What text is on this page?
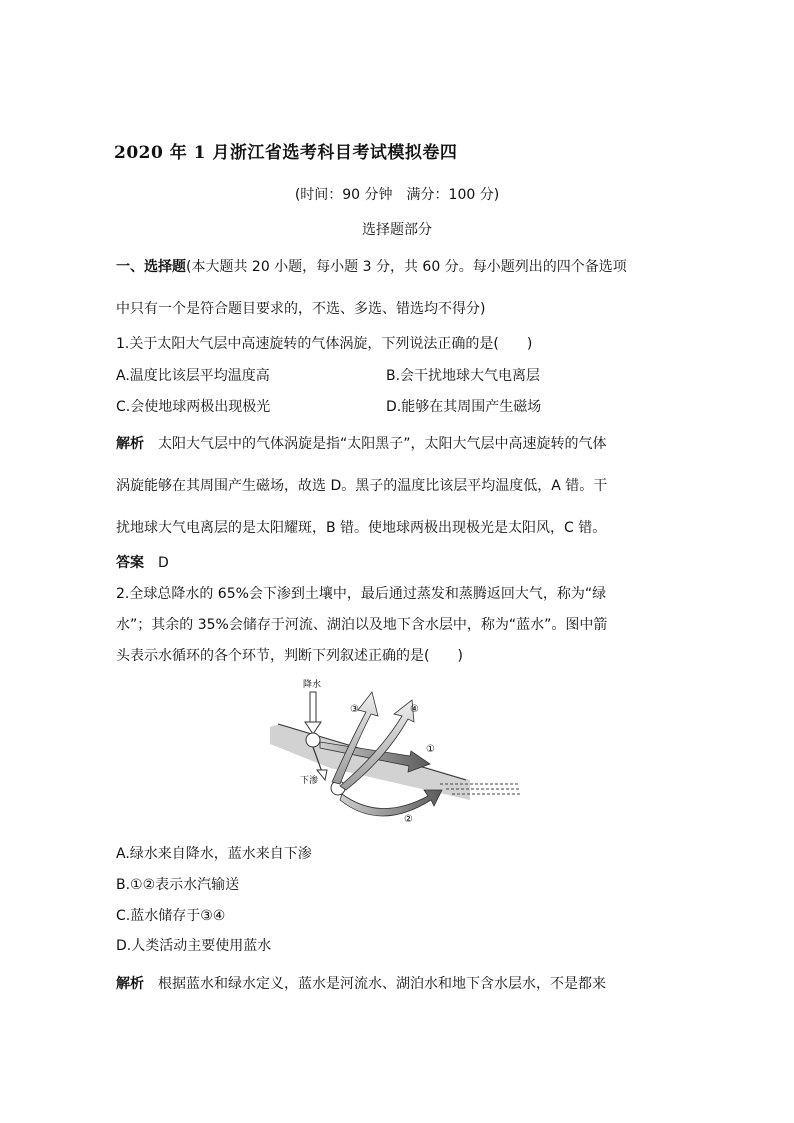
2020 年 1 月浙江省选考科目考试模拟卷四
(时间：90 分钟　满分：100 分)
选择题部分
一、选择题(本大题共 20 小题，每小题 3 分，共 60 分。每小题列出的四个备选项
中只有一个是符合题目要求的，不选、多选、错选均不得分)
1.关于太阳大气层中高速旋转的气体涡旋，下列说法正确的是(　　)
A.温度比该层平均温度高	B.会干扰地球大气电离层
C.会使地球两极出现极光	D.能够在其周围产生磁场
解析 太阳大气层中的气体涡旋是指“太阳黑子”，太阳大气层中高速旋转的气体
涡旋能够在其周围产生磁场，故选 D。黑子的温度比该层平均温度低，A 错。干
扰地球大气电离层的是太阳耀斑，B 错。使地球两极出现极光是太阳风，C 错。
答案 D
2.全球总降水的 65%会下渗到土壤中，最后通过蒸发和蒸腾返回大气，称为“绿
水”；其余的 35%会储存于河流、湖泊以及地下含水层中，称为“蓝水”。图中箭
头表示水循环的各个环节，判断下列叙述正确的是(　　)
降水
下渗
①
②
③	④
A.绿水来自降水，蓝水来自下渗
B.①②表示水汽输送
C.蓝水储存于③④
D.人类活动主要使用蓝水
解析 根据蓝水和绿水定义，蓝水是河流水、湖泊水和地下含水层水，不是都来
